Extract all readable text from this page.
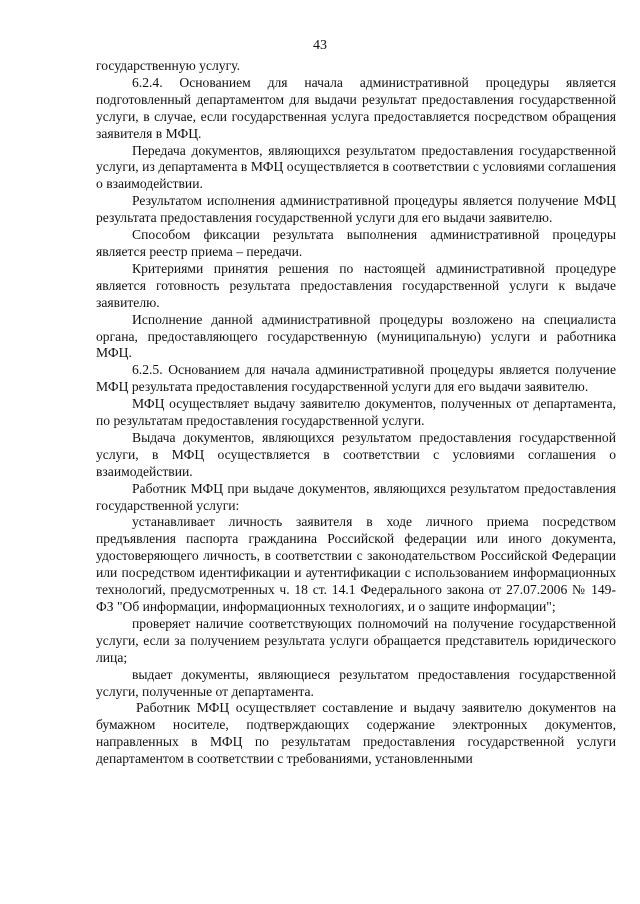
43

государственную услугу.

6.2.4. Основанием для начала административной процедуры является подготовленный департаментом для выдачи результат предоставления государственной услуги, в случае, если государственная услуга предоставляется посредством обращения заявителя в МФЦ.

Передача документов, являющихся результатом предоставления государственной услуги, из департамента в МФЦ осуществляется в соответствии с условиями соглашения о взаимодействии.

Результатом исполнения административной процедуры является получение МФЦ результата предоставления государственной услуги для его выдачи заявителю.

Способом фиксации результата выполнения административной процедуры является реестр приема – передачи.

Критериями принятия решения по настоящей административной процедуре является готовность результата предоставления государственной услуги к выдаче заявителю.

Исполнение данной административной процедуры возложено на специалиста органа, предоставляющего государственную (муниципальную) услуги и работника МФЦ.

6.2.5. Основанием для начала административной процедуры является получение МФЦ результата предоставления государственной услуги для его выдачи заявителю.

МФЦ осуществляет выдачу заявителю документов, полученных от департамента, по результатам предоставления государственной услуги.

Выдача документов, являющихся результатом предоставления государственной услуги, в МФЦ осуществляется в соответствии с условиями соглашения о взаимодействии.

Работник МФЦ при выдаче документов, являющихся результатом предоставления государственной услуги:

устанавливает личность заявителя в ходе личного приема посредством предъявления паспорта гражданина Российской федерации или иного документа, удостоверяющего личность, в соответствии с законодательством Российской Федерации или посредством идентификации и аутентификации с использованием информационных технологий, предусмотренных ч. 18 ст. 14.1 Федерального закона от 27.07.2006 № 149-ФЗ "Об информации, информационных технологиях, и о защите информации";

проверяет наличие соответствующих полномочий на получение государственной услуги, если за получением результата услуги обращается представитель юридического лица;

выдает документы, являющиеся результатом предоставления государственной услуги, полученные от департамента.

Работник МФЦ осуществляет составление и выдачу заявителю документов на бумажном носителе, подтверждающих содержание электронных документов, направленных в МФЦ по результатам предоставления государственной услуги департаментом в соответствии с требованиями, установленными
